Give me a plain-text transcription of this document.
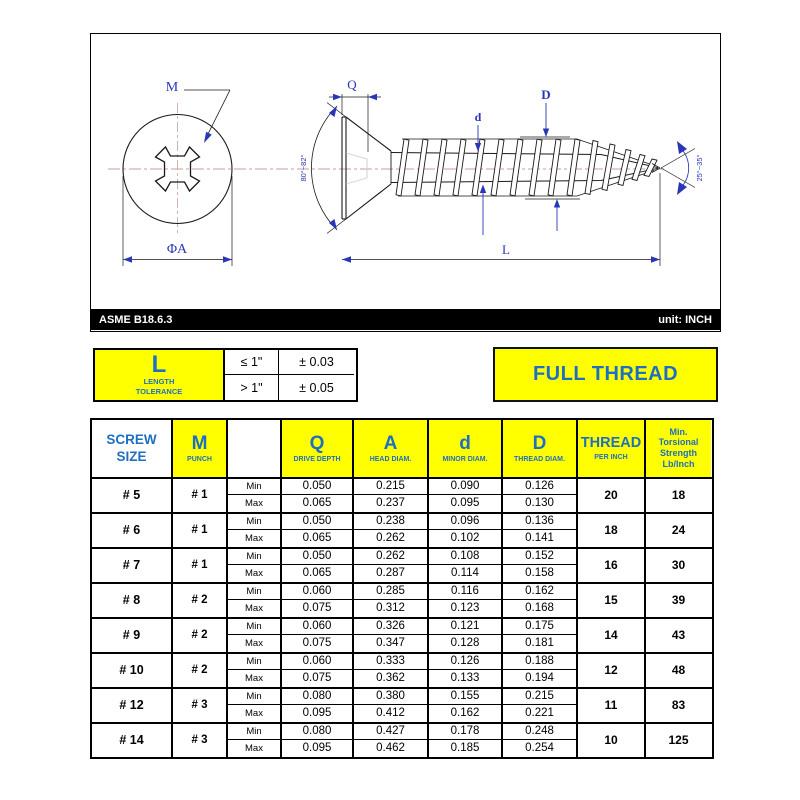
M
ΦA
Q
80°~82°
d
D
L
25°~35°
ASME B18.6.3	unit: INCH
L
LENGTH
TOLERANCE
≤ 1"	± 0.03
> 1"	± 0.05
FULL THREAD
SCREW
SIZE
M
PUNCH
Q
DRIVE DEPTH
A
HEAD DIAM.
d
MINOR DIAM.
D
THREAD DIAM.
THREAD
PER INCH
Min.
Torsional
Strength
Lb/Inch
# 5	# 1
Min	0.050	0.215	0.090	0.126
Max	0.065	0.237	0.095	0.130
20	18
# 6	# 1
Min	0.050	0.238	0.096	0.136
Max	0.065	0.262	0.102	0.141
18	24
# 7	# 1
Min	0.050	0.262	0.108	0.152
Max	0.065	0.287	0.114	0.158
16	30
# 8	# 2
Min	0.060	0.285	0.116	0.162
Max	0.075	0.312	0.123	0.168
15	39
# 9	# 2
Min	0.060	0.326	0.121	0.175
Max	0.075	0.347	0.128	0.181
14	43
# 10	# 2
Min	0.060	0.333	0.126	0.188
Max	0.075	0.362	0.133	0.194
12	48
# 12	# 3
Min	0.080	0.380	0.155	0.215
Max	0.095	0.412	0.162	0.221
11	83
# 14	# 3
Min	0.080	0.427	0.178	0.248
Max	0.095	0.462	0.185	0.254
10	125
